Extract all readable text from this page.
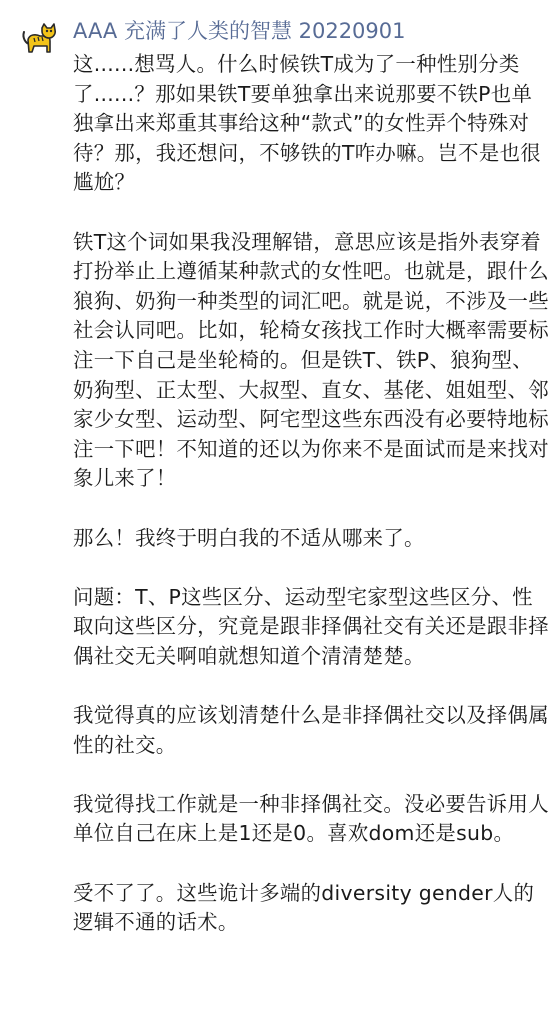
AAA 充满了人类的智慧 20220901

这......想骂人。什么时候铁T成为了一种性别分类了......？那如果铁T要单独拿出来说那要不铁P也单独拿出来郑重其事给这种“款式”的女性弄个特殊对待？那，我还想问，不够铁的T咋办嘛。岂不是也很尴尬？

铁T这个词如果我没理解错，意思应该是指外表穿着打扮举止上遵循某种款式的女性吧。也就是，跟什么狼狗、奶狗一种类型的词汇吧。就是说，不涉及一些社会认同吧。比如，轮椅女孩找工作时大概率需要标注一下自己是坐轮椅的。但是铁T、铁P、狼狗型、奶狗型、正太型、大叔型、直女、基佬、姐姐型、邻家少女型、运动型、阿宅型这些东西没有必要特地标注一下吧！不知道的还以为你来不是面试而是来找对象儿来了！

那么！我终于明白我的不适从哪来了。

问题：T、P这些区分、运动型宅家型这些区分、性取向这些区分，究竟是跟非择偶社交有关还是跟非择偶社交无关啊咱就想知道个清清楚楚。

我觉得真的应该划清楚什么是非择偶社交以及择偶属性的社交。

我觉得找工作就是一种非择偶社交。没必要告诉用人单位自己在床上是1还是0。喜欢dom还是sub。

受不了了。这些诡计多端的diversity gender人的逻辑不通的话术。
